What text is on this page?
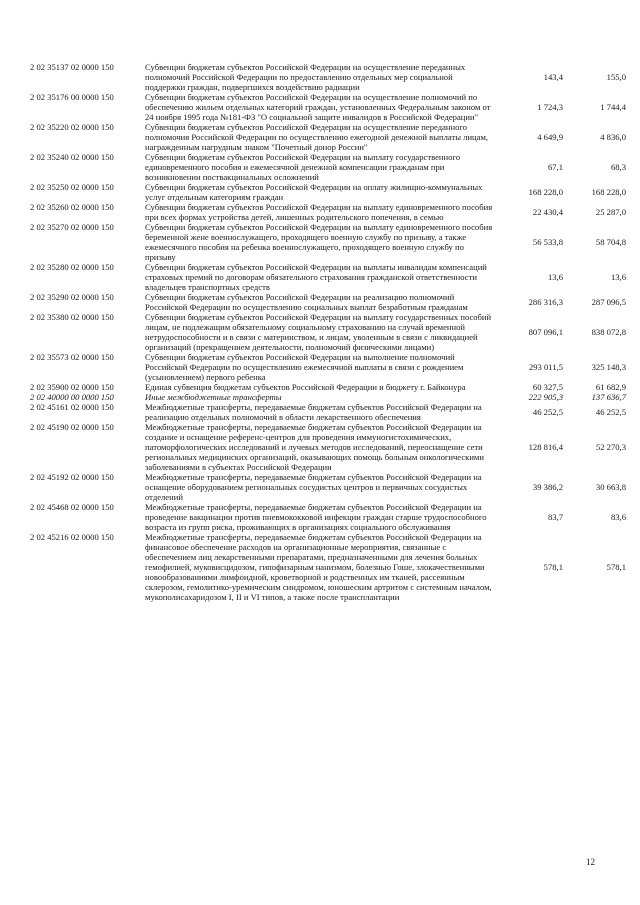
2 02 35137 02 0000 150	Субвенции бюджетам субъектов Российской Федерации на осуществление переданных полномочий Российской Федерации по предоставлению отдельных мер социальной поддержки граждан, подвергшихся воздействию радиации	143,4	155,0
2 02 35176 00 0000 150	Субвенции бюджетам субъектов Российской Федерации на осуществление полномочий по обеспечению жильем отдельных категорий граждан, установленных Федеральным законом от 24 ноября 1995 года №181-ФЗ "О социальной защите инвалидов в Российской Федерации"	1 724,3	1 744,4
2 02 35220 02 0000 150	Субвенции бюджетам субъектов Российской Федерации на осуществление переданного полномочия Российской Федерации по осуществлению ежегодной денежной выплаты лицам, награжденным нагрудным знаком "Почетный донор России"	4 649,9	4 836,0
2 02 35240 02 0000 150	Субвенции бюджетам субъектов Российской Федерации на выплату государственного единовременного пособия и ежемесячной денежной компенсации гражданам при возникновении поствакцинальных осложнений	67,1	68,3
2 02 35250 02 0000 150	Субвенции бюджетам субъектов Российской Федерации на оплату жилищно-коммунальных услуг отдельным категориям граждан	168 228,0	168 228,0
2 02 35260 02 0000 150	Субвенции бюджетам субъектов Российской Федерации на выплату единовременного пособия при всех формах устройства детей, лишенных родительского попечения, в семью	22 430,4	25 287,0
2 02 35270 02 0000 150	Субвенции бюджетам субъектов Российской Федерации на выплату единовременного пособия беременной жене военнослужащего, проходящего военную службу по призыву, а также ежемесячного пособия на ребенка военнослужащего, проходящего военную службу по призыву	56 533,8	58 704,8
2 02 35280 02 0000 150	Субвенции бюджетам субъектов Российской Федерации на выплаты инвалидам компенсаций страховых премий по договорам обязательного страхования гражданской ответственности владельцев транспортных средств	13,6	13,6
2 02 35290 02 0000 150	Субвенции бюджетам субъектов Российской Федерации на реализацию полномочий Российской Федерации по осуществлению социальных выплат безработным гражданам	286 316,3	287 096,5
2 02 35380 02 0000 150	Субвенции бюджетам субъектов Российской Федерации на выплату государственных пособий лицам, не подлежащим обязательному социальному страхованию на случай временной нетрудоспособности и в связи с материнством, и лицам, уволенным в связи с ликвидацией организаций (прекращением деятельности, полномочий физическими лицами)	807 096,1	838 072,8
2 02 35573 02 0000 150	Субвенции бюджетам субъектов Российской Федерации на выполнение полномочий Российской Федерации по осуществлению ежемесячной выплаты в связи с рождением (усыновлением) первого ребенка	293 011,5	325 148,3
2 02 35900 02 0000 150	Единая субвенция бюджетам субъектов Российской Федерации и бюджету г. Байконура	60 327,5	61 682,9
2 02 40000 00 0000 150	Иные межбюджетные трансферты	222 905,3	137 636,7
2 02 45161 02 0000 150	Межбюджетные трансферты, передаваемые бюджетам субъектов Российской Федерации на реализацию отдельных полномочий в области лекарственного обеспечения	46 252,5	46 252,5
2 02 45190 02 0000 150	Межбюджетные трансферты, передаваемые бюджетам субъектов Российской Федерации на создание и оснащение референс-центров для проведения иммуногистохимических, патоморфологических исследований и лучевых методов исследований, переоснащение сети региональных медицинских организаций, оказывающих помощь больным онкологическими заболеваниями в субъектах Российской Федерации	128 816,4	52 270,3
2 02 45192 02 0000 150	Межбюджетные трансферты, передаваемые бюджетам субъектов Российской Федерации на оснащение оборудованием региональных сосудистых центров и первичных сосудистых отделений	39 386,2	30 663,8
2 02 45468 02 0000 150	Межбюджетные трансферты, передаваемые бюджетам субъектов Российской Федерации на проведение вакцинации против пневмококковой инфекции граждан старше трудоспособного возраста из групп риска, проживающих в организациях социального обслуживания	83,7	83,6
2 02 45216 02 0000 150	Межбюджетные трансферты, передаваемые бюджетам субъектов Российской Федерации на финансовое обеспечение расходов на организационные мероприятия, связанные с обеспечением лиц лекарственными препаратами, предназначенными для лечения больных гемофилией, муковисцидозом, гипофизарным нанизмом, болезнью Гоше, злокачественными новообразованиями лимфоидной, кроветворной и родственных им тканей, рассеянным склерозом, гемолитико-уремическим синдромом, юношеским артритом с системным началом, мукополисахаридозом I, II и VI типов, а также после трансплантации	578,1	578,1
12
